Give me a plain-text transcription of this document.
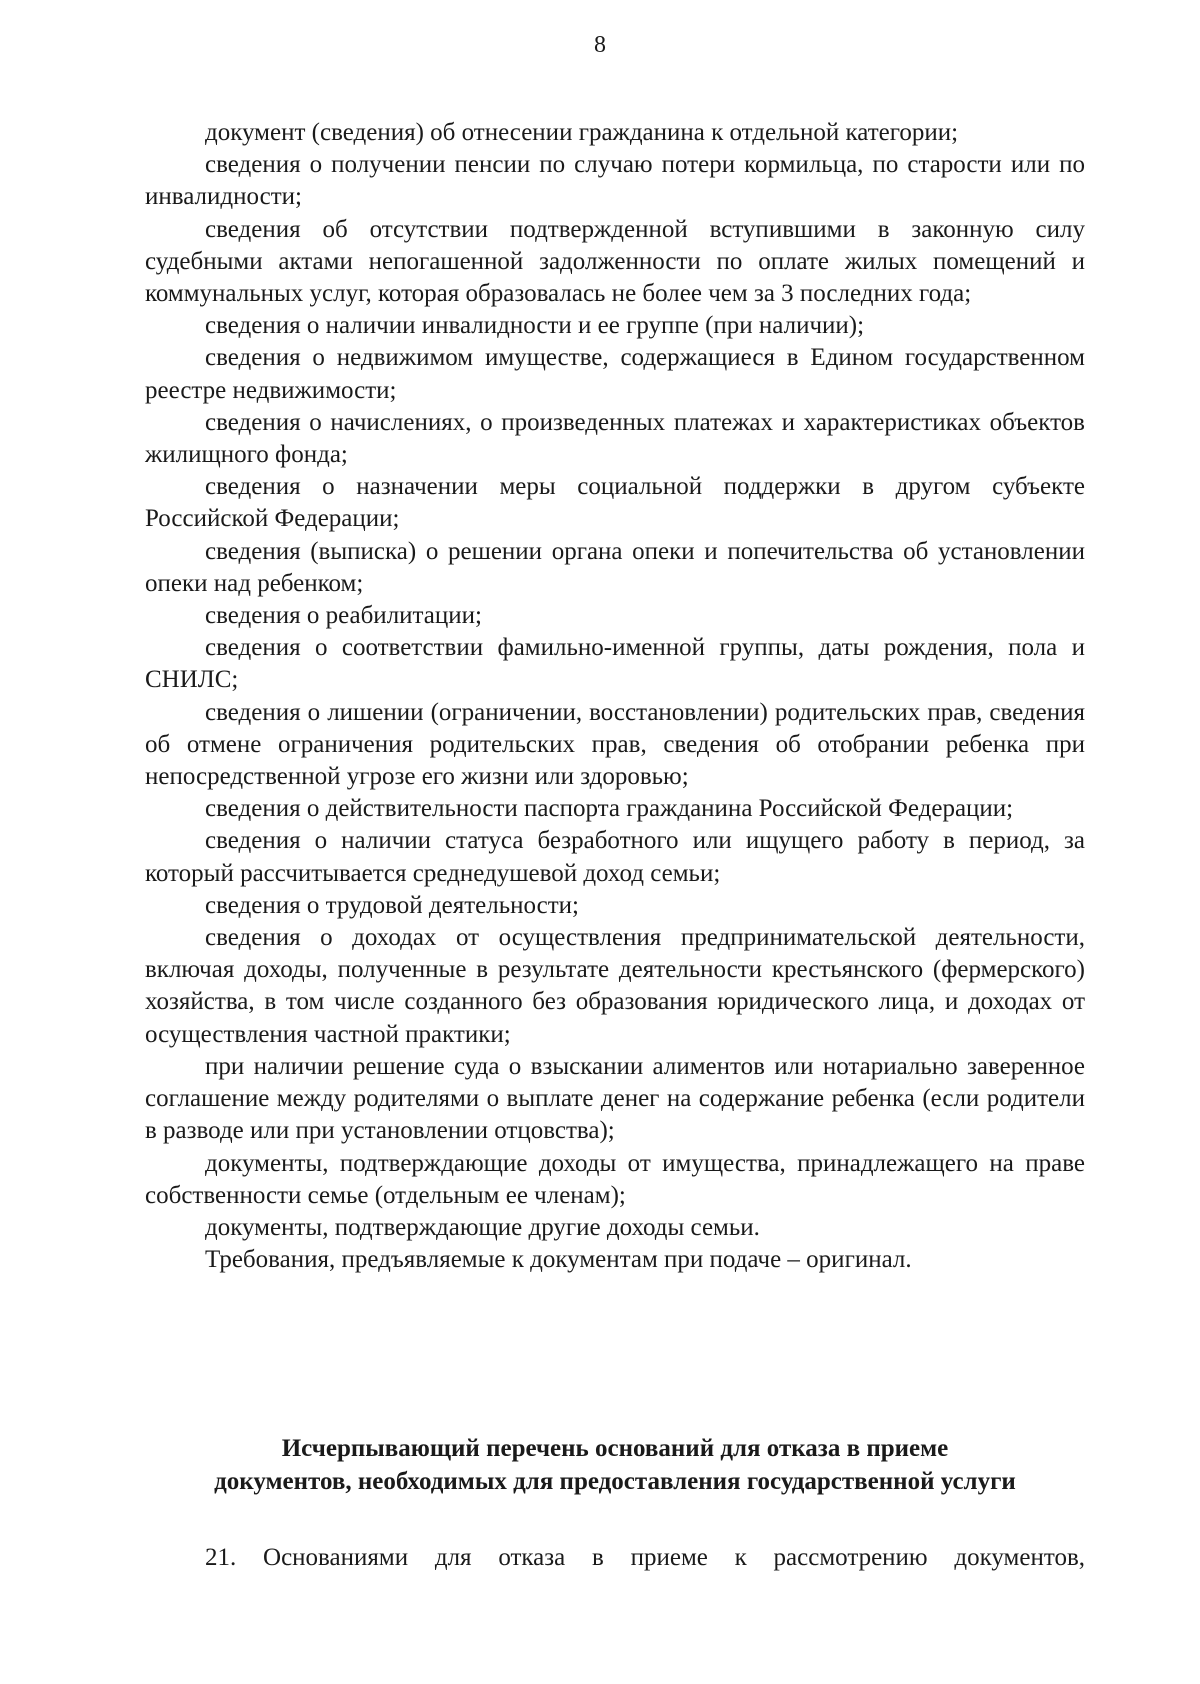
8

документ (сведения) об отнесении гражданина к отдельной категории;

сведения о получении пенсии по случаю потери кормильца, по старости или по инвалидности;

сведения об отсутствии подтвержденной вступившими в законную силу судебными актами непогашенной задолженности по оплате жилых помещений и коммунальных услуг, которая образовалась не более чем за 3 последних года;

сведения о наличии инвалидности и ее группе (при наличии);

сведения о недвижимом имуществе, содержащиеся в Едином государственном реестре недвижимости;

сведения о начислениях, о произведенных платежах и характеристиках объектов жилищного фонда;

сведения о назначении меры социальной поддержки в другом субъекте Российской Федерации;

сведения (выписка) о решении органа опеки и попечительства об установлении опеки над ребенком;

сведения о реабилитации;

сведения о соответствии фамильно-именной группы, даты рождения, пола и СНИЛС;

сведения о лишении (ограничении, восстановлении) родительских прав, сведения об отмене ограничения родительских прав, сведения об отобрании ребенка при непосредственной угрозе его жизни или здоровью;

сведения о действительности паспорта гражданина Российской Федерации;

сведения о наличии статуса безработного или ищущего работу в период, за который рассчитывается среднедушевой доход семьи;

сведения о трудовой деятельности;

сведения о доходах от осуществления предпринимательской деятельности, включая доходы, полученные в результате деятельности крестьянского (фермерского) хозяйства, в том числе созданного без образования юридического лица, и доходах от осуществления частной практики;

при наличии решение суда о взыскании алиментов или нотариально заверенное соглашение между родителями о выплате денег на содержание ребенка (если родители в разводе или при установлении отцовства);

документы, подтверждающие доходы от имущества, принадлежащего на праве собственности семье (отдельным ее членам);

документы, подтверждающие другие доходы семьи.

Требования, предъявляемые к документам при подаче – оригинал.

Исчерпывающий перечень оснований для отказа в приеме
документов, необходимых для предоставления государственной услуги

21. Основаниями для отказа в приеме к рассмотрению документов,
